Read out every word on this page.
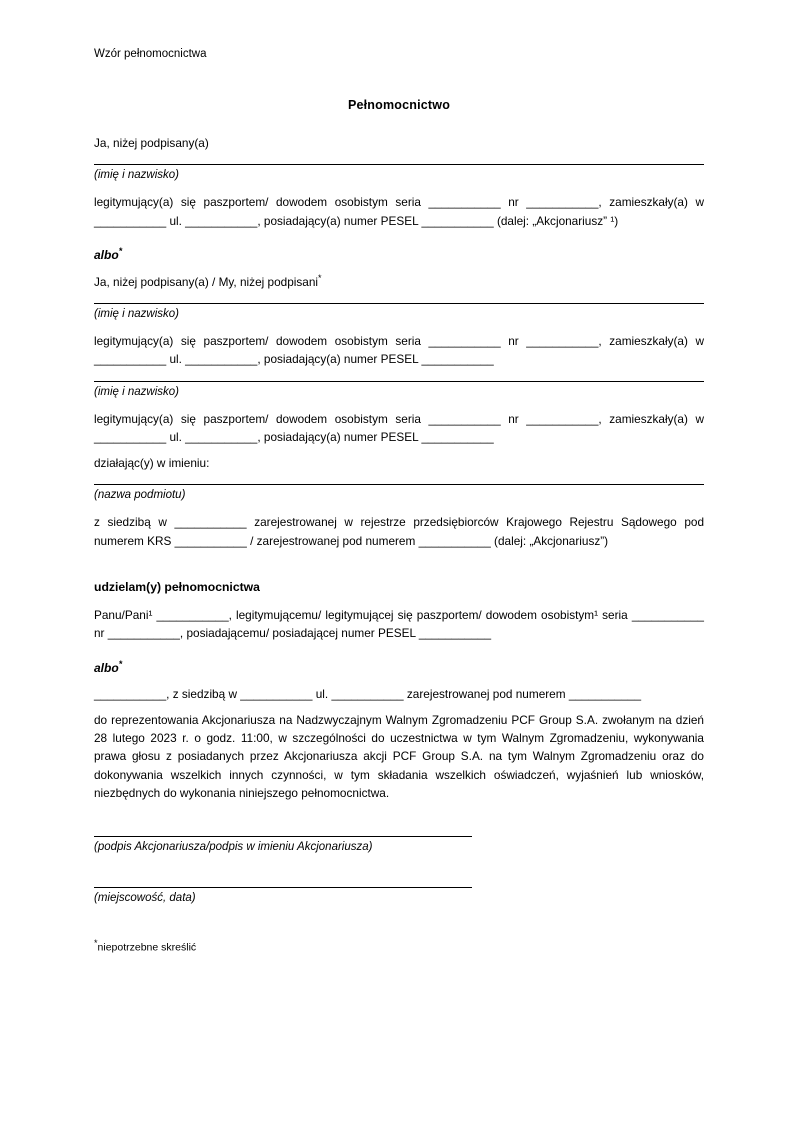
Wzór pełnomocnictwa
Pełnomocnictwo

Ja, niżej podpisany(a)

(imię i nazwisko)

legitymujący(a) się paszportem/ dowodem osobistym seria ___________ nr ___________, zamieszkały(a) w ___________ ul. ___________, posiadający(a) numer PESEL ___________ (dalej: „Akcjonariusz” ¹)

albo*

Ja, niżej podpisany(a) / My, niżej podpisani*

(imię i nazwisko)

legitymujący(a) się paszportem/ dowodem osobistym seria ___________ nr ___________, zamieszkały(a) w ___________ ul. ___________, posiadający(a) numer PESEL ___________

(imię i nazwisko)

legitymujący(a) się paszportem/ dowodem osobistym seria ___________ nr ___________, zamieszkały(a) w ___________ ul. ___________, posiadający(a) numer PESEL ___________

działając(y) w imieniu:

(nazwa podmiotu)

z siedzibą w ___________ zarejestrowanej w rejestrze przedsiębiorców Krajowego Rejestru Sądowego pod numerem KRS ___________ / zarejestrowanej pod numerem ___________ (dalej: „Akcjonariusz”)

udzielam(y) pełnomocnictwa

Panu/Pani¹ ___________, legitymującemu/ legitymującej się paszportem/ dowodem osobistym¹ seria ___________ nr ___________, posiadającemu/ posiadającej numer PESEL ___________

albo*

___________, z siedzibą w ___________ ul. ___________ zarejestrowanej pod numerem ___________

do reprezentowania Akcjonariusza na Nadzwyczajnym Walnym Zgromadzeniu PCF Group S.A. zwołanym na dzień 28 lutego 2023 r. o godz. 11:00, w szczególności do uczestnictwa w tym Walnym Zgromadzeniu, wykonywania prawa głosu z posiadanych przez Akcjonariusza akcji PCF Group S.A. na tym Walnym Zgromadzeniu oraz do dokonywania wszelkich innych czynności, w tym składania wszelkich oświadczeń, wyjaśnień lub wniosków, niezbędnych do wykonania niniejszego pełnomocnictwa.

(podpis Akcjonariusza/podpis w imieniu Akcjonariusza)
(miejscowość, data)
*niepotrzebne skreślić
